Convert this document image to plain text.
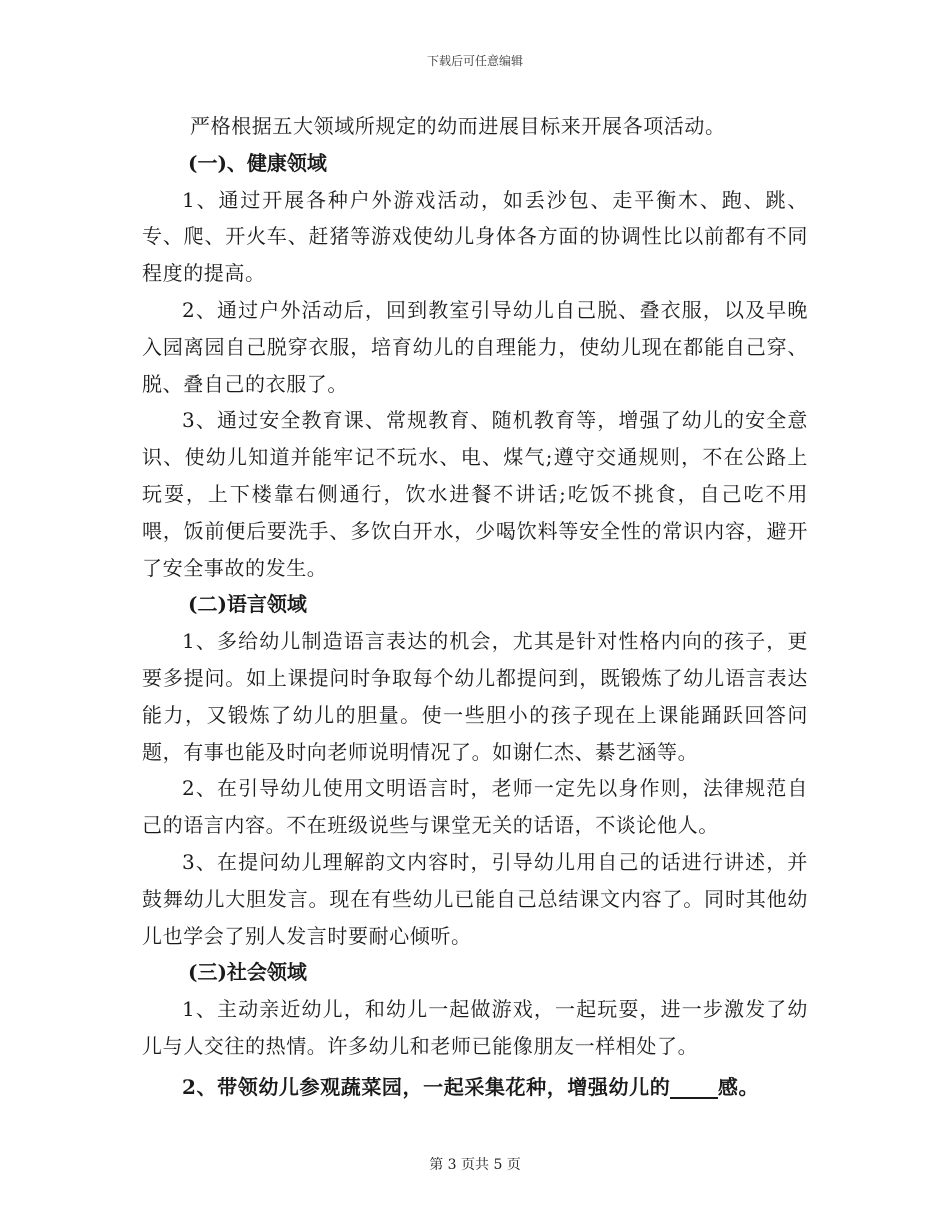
下载后可任意编辑

严格根据五大领域所规定的幼而进展目标来开展各项活动。

(一)、健康领域

1、通过开展各种户外游戏活动，如丢沙包、走平衡木、跑、跳、专、爬、开火车、赶猪等游戏使幼儿身体各方面的协调性比以前都有不同程度的提高。

2、通过户外活动后，回到教室引导幼儿自己脱、叠衣服，以及早晚入园离园自己脱穿衣服，培育幼儿的自理能力，使幼儿现在都能自己穿、脱、叠自己的衣服了。

3、通过安全教育课、常规教育、随机教育等，增强了幼儿的安全意识、使幼儿知道并能牢记不玩水、电、煤气;遵守交通规则，不在公路上玩耍，上下楼靠右侧通行，饮水进餐不讲话;吃饭不挑食，自己吃不用喂，饭前便后要洗手、多饮白开水，少喝饮料等安全性的常识内容，避开了安全事故的发生。

(二)语言领域

1、多给幼儿制造语言表达的机会，尤其是针对性格内向的孩子，更要多提问。如上课提问时争取每个幼儿都提问到，既锻炼了幼儿语言表达能力，又锻炼了幼儿的胆量。使一些胆小的孩子现在上课能踊跃回答问题，有事也能及时向老师说明情况了。如谢仁杰、綦艺涵等。

2、在引导幼儿使用文明语言时，老师一定先以身作则，法律规范自己的语言内容。不在班级说些与课堂无关的话语，不谈论他人。

3、在提问幼儿理解韵文内容时，引导幼儿用自己的话进行讲述，并鼓舞幼儿大胆发言。现在有些幼儿已能自己总结课文内容了。同时其他幼儿也学会了别人发言时要耐心倾听。

(三)社会领域

1、主动亲近幼儿，和幼儿一起做游戏，一起玩耍，进一步激发了幼儿与人交往的热情。许多幼儿和老师已能像朋友一样相处了。

2、带领幼儿参观蔬菜园，一起采集花种，增强幼儿的 感。

第 3 页共 5 页
